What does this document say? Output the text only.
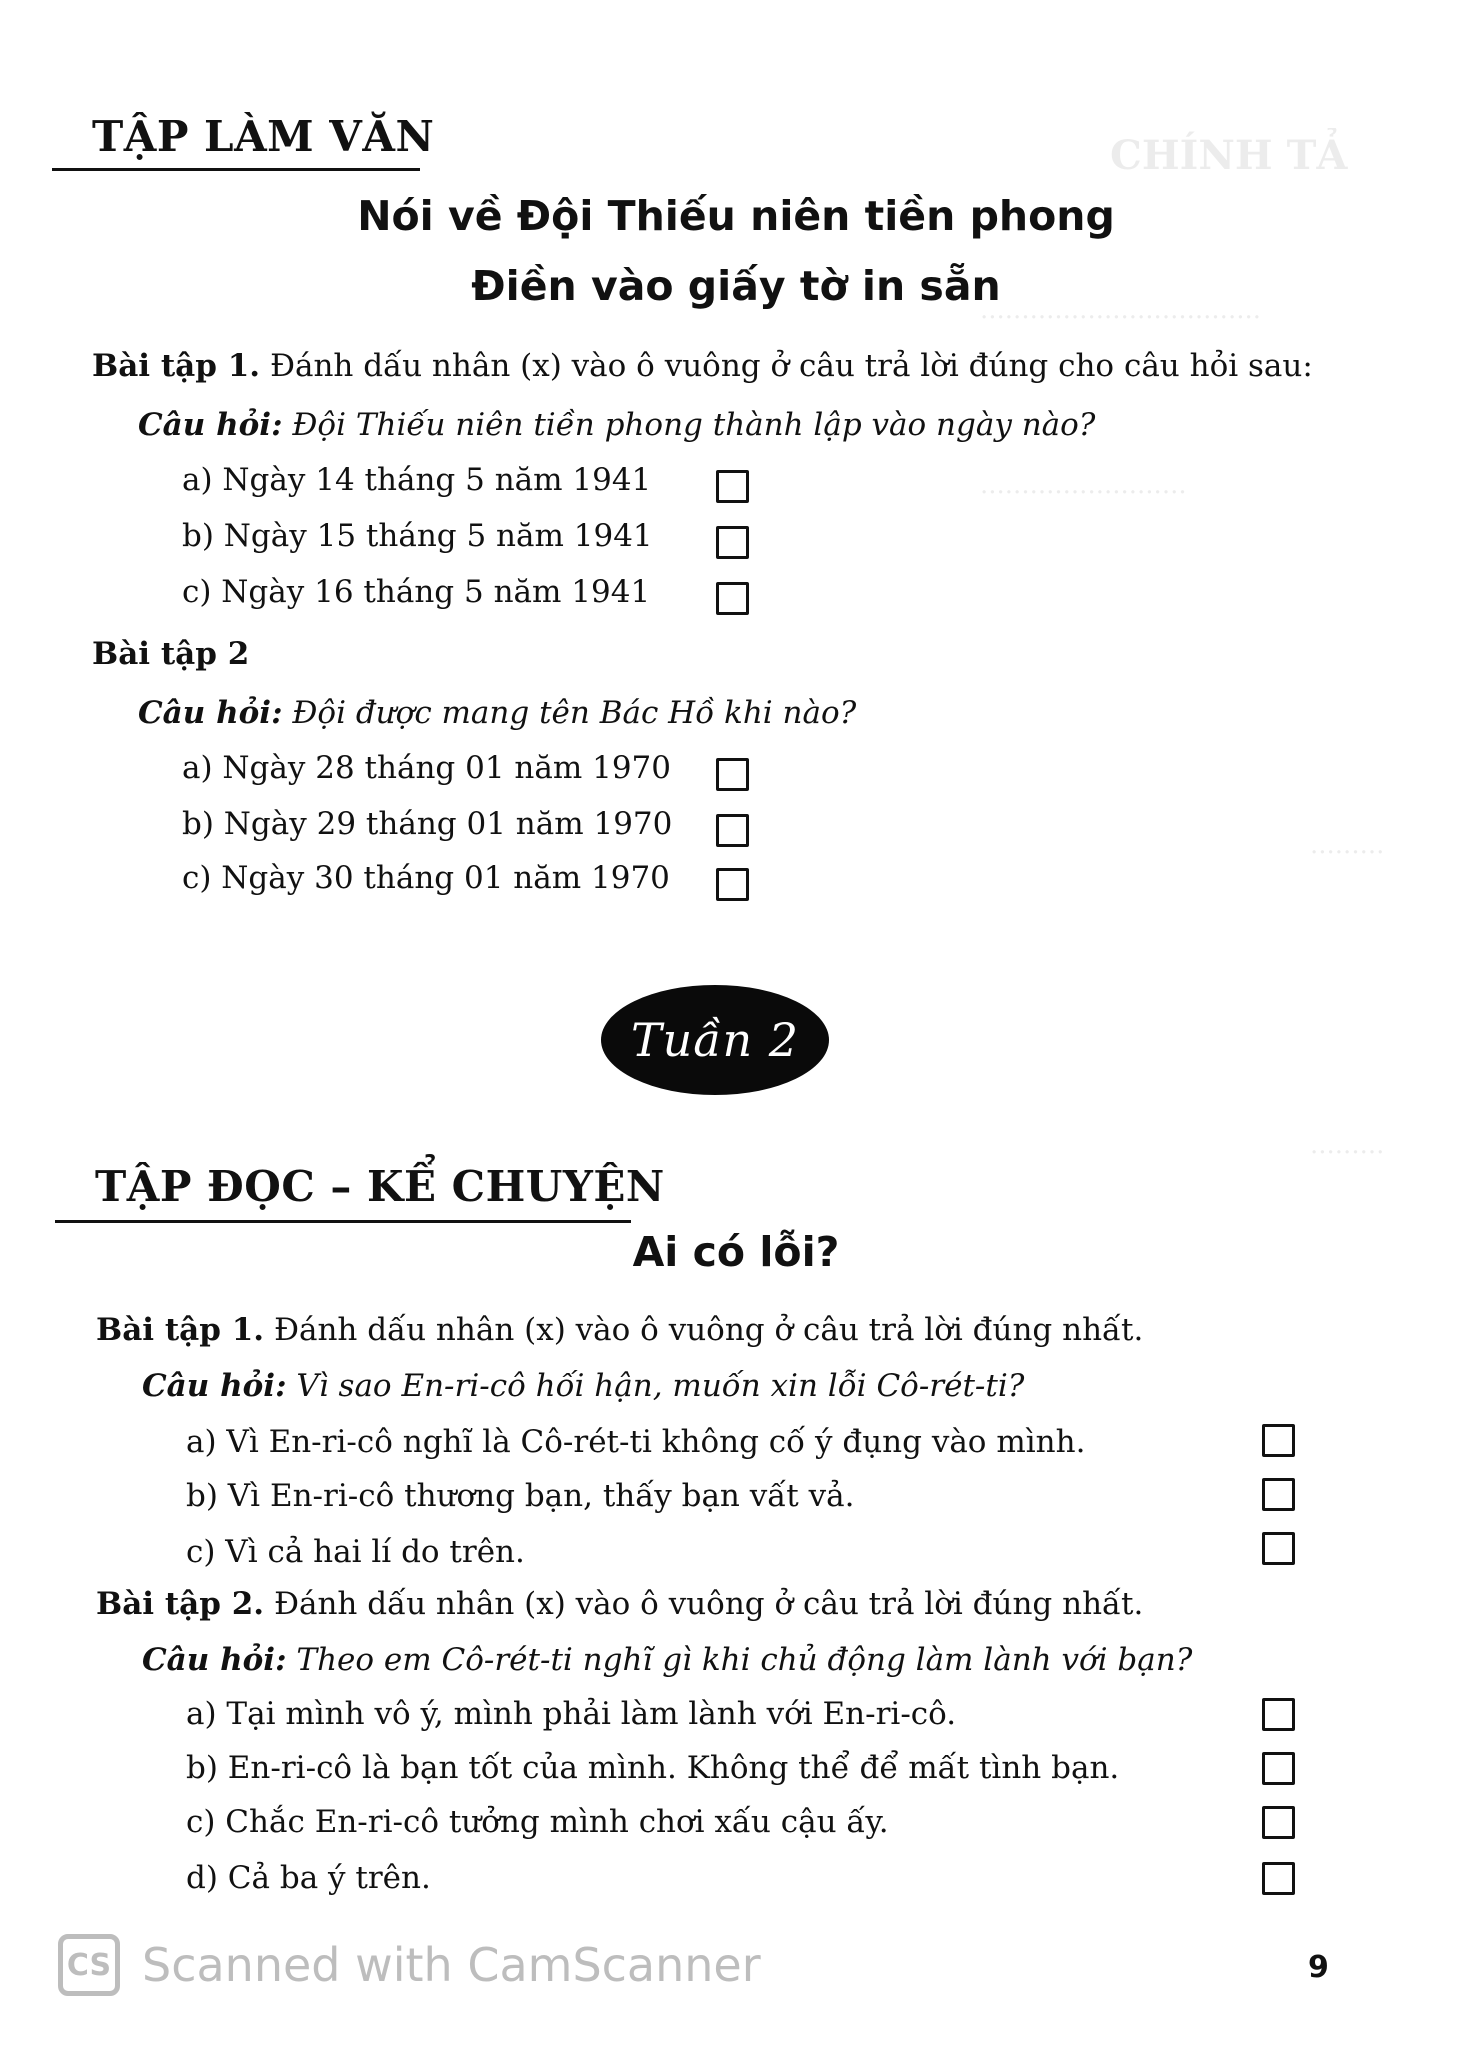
CHÍNH TẢ
..................................
.........................
.........
.........
TẬP LÀM VĂN
Nói về Đội Thiếu niên tiền phong
Điền vào giấy tờ in sẵn
Bài tập 1. Đánh dấu nhân (x) vào ô vuông ở câu trả lời đúng cho câu hỏi sau:
Câu hỏi: Đội Thiếu niên tiền phong thành lập vào ngày nào?
a) Ngày 14 tháng 5 năm 1941
b) Ngày 15 tháng 5 năm 1941
c) Ngày 16 tháng 5 năm 1941
Bài tập 2
Câu hỏi: Đội được mang tên Bác Hồ khi nào?
a) Ngày 28 tháng 01 năm 1970
b) Ngày 29 tháng 01 năm 1970
c) Ngày 30 tháng 01 năm 1970
Tuần 2
TẬP ĐỌC – KỂ CHUYỆN
Ai có lỗi?
Bài tập 1. Đánh dấu nhân (x) vào ô vuông ở câu trả lời đúng nhất.
Câu hỏi: Vì sao En-ri-cô hối hận, muốn xin lỗi Cô-rét-ti?
a) Vì En-ri-cô nghĩ là Cô-rét-ti không cố ý đụng vào mình.
b) Vì En-ri-cô thương bạn, thấy bạn vất vả.
c) Vì cả hai lí do trên.
Bài tập 2. Đánh dấu nhân (x) vào ô vuông ở câu trả lời đúng nhất.
Câu hỏi: Theo em Cô-rét-ti nghĩ gì khi chủ động làm lành với bạn?
a) Tại mình vô ý, mình phải làm lành với En-ri-cô.
b) En-ri-cô là bạn tốt của mình. Không thể để mất tình bạn.
c) Chắc En-ri-cô tưởng mình chơi xấu cậu ấy.
d) Cả ba ý trên.
CS Scanned with CamScanner	9
